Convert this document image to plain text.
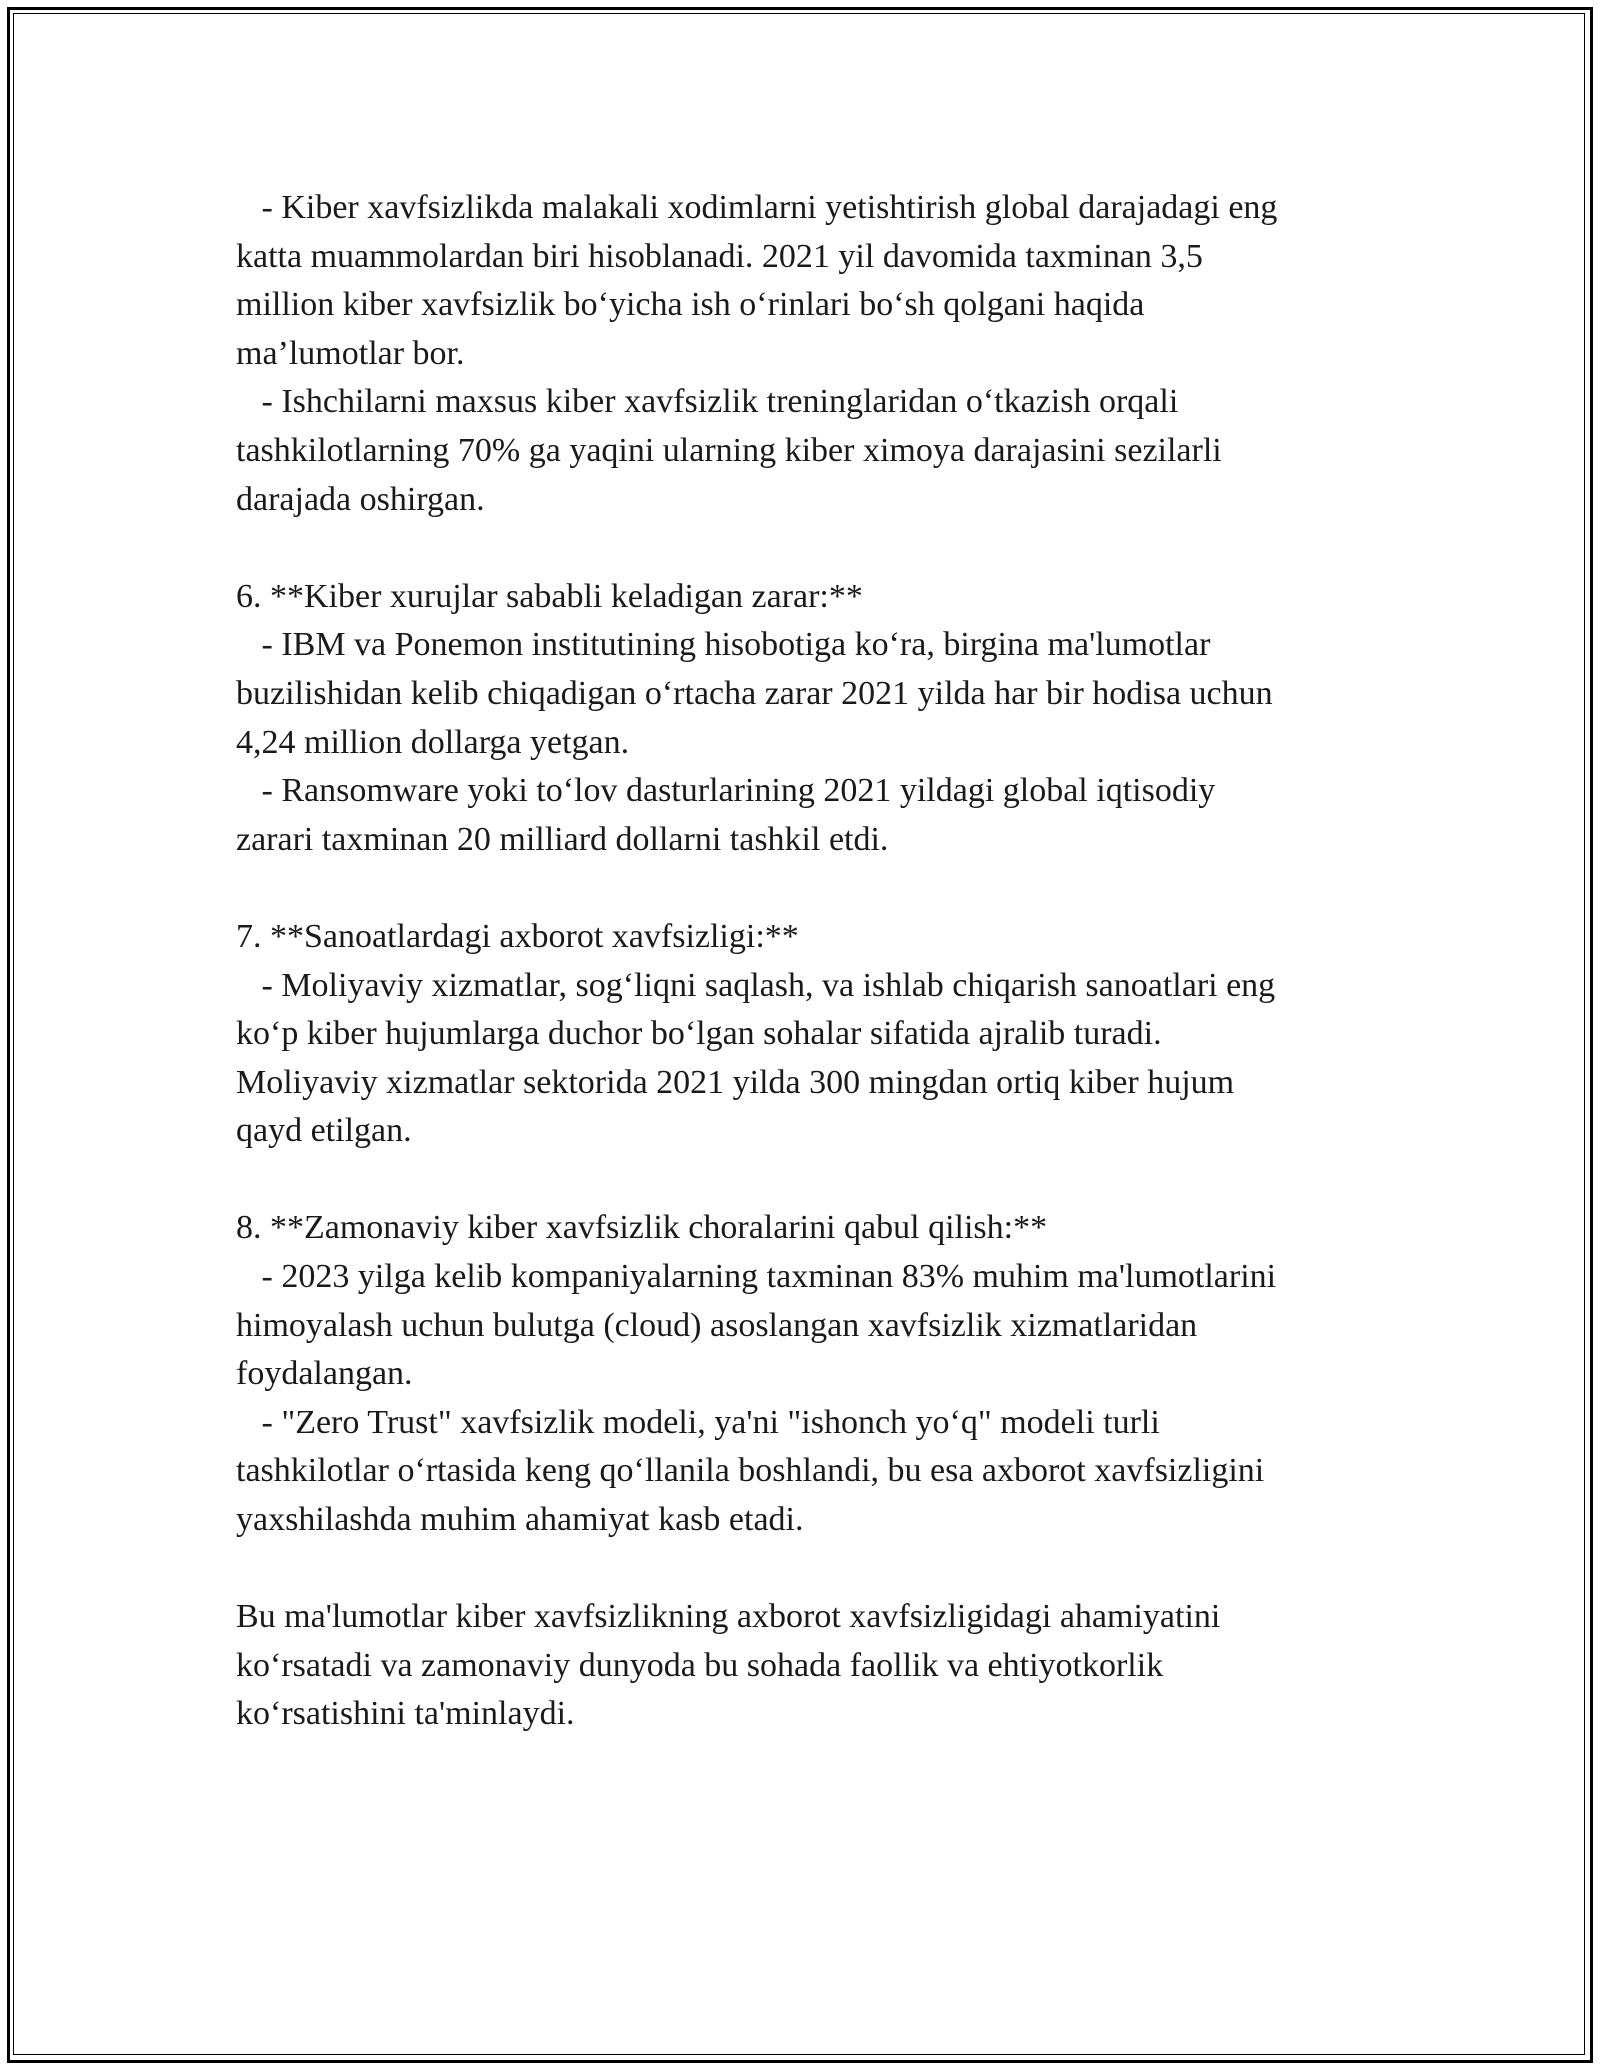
- Kiber xavfsizlikda malakali xodimlarni yetishtirish global darajadagi eng
katta muammolardan biri hisoblanadi. 2021 yil davomida taxminan 3,5
million kiber xavfsizlik bo‘yicha ish o‘rinlari bo‘sh qolgani haqida
ma’lumotlar bor.
- Ishchilarni maxsus kiber xavfsizlik treninglaridan o‘tkazish orqali
tashkilotlarning 70% ga yaqini ularning kiber ximoya darajasini sezilarli
darajada oshirgan.
6. **Kiber xurujlar sababli keladigan zarar:**
- IBM va Ponemon institutining hisobotiga ko‘ra, birgina ma'lumotlar
buzilishidan kelib chiqadigan o‘rtacha zarar 2021 yilda har bir hodisa uchun
4,24 million dollarga yetgan.
- Ransomware yoki to‘lov dasturlarining 2021 yildagi global iqtisodiy
zarari taxminan 20 milliard dollarni tashkil etdi.
7. **Sanoatlardagi axborot xavfsizligi:**
- Moliyaviy xizmatlar, sog‘liqni saqlash, va ishlab chiqarish sanoatlari eng
ko‘p kiber hujumlarga duchor bo‘lgan sohalar sifatida ajralib turadi.
Moliyaviy xizmatlar sektorida 2021 yilda 300 mingdan ortiq kiber hujum
qayd etilgan.
8. **Zamonaviy kiber xavfsizlik choralarini qabul qilish:**
- 2023 yilga kelib kompaniyalarning taxminan 83% muhim ma'lumotlarini
himoyalash uchun bulutga (cloud) asoslangan xavfsizlik xizmatlaridan
foydalangan.
- "Zero Trust" xavfsizlik modeli, ya'ni "ishonch yo‘q" modeli turli
tashkilotlar o‘rtasida keng qo‘llanila boshlandi, bu esa axborot xavfsizligini
yaxshilashda muhim ahamiyat kasb etadi.
Bu ma'lumotlar kiber xavfsizlikning axborot xavfsizligidagi ahamiyatini
ko‘rsatadi va zamonaviy dunyoda bu sohada faollik va ehtiyotkorlik
ko‘rsatishini ta'minlaydi.
